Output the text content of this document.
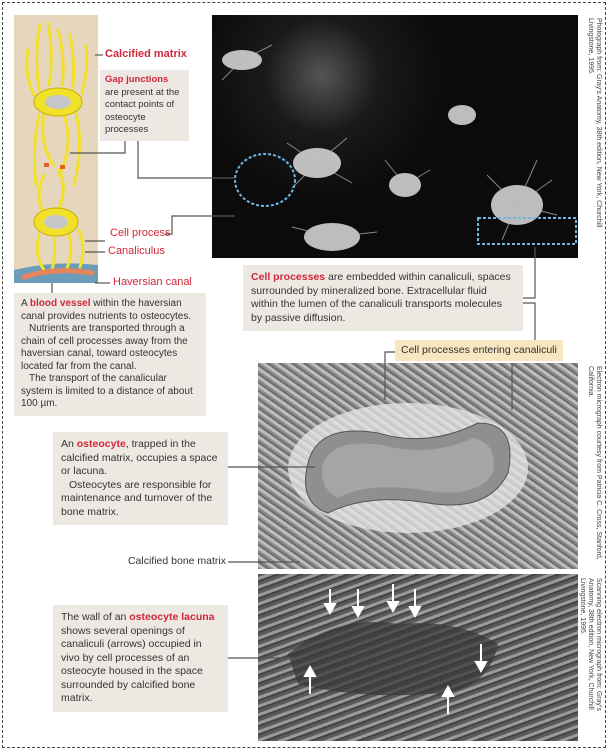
Calcified matrix
Gap junctions are present at the contact points of osteocyte processes
Cell process
Canaliculus
Haversian canal
A blood vessel within the haversian canal provides nutrients to osteocytes.
Nutrients are transported through a chain of cell processes away from the haversian canal, toward osteocytes located far from the canal.
The transport of the canalicular system is limited to a distance of about 100 µm.
Cell processes are embedded within canaliculi, spaces surrounded by mineralized bone. Extracellular fluid within the lumen of the canaliculi transports molecules by passive diffusion.
Cell processes entering canaliculi
An osteocyte, trapped in the calcified matrix, occupies a space or lacuna.
Osteocytes are responsible for maintenance and turnover of the bone matrix.
Calcified bone matrix
The wall of an osteocyte lacuna shows several openings of canaliculi (arrows) occupied in vivo by cell processes of an osteocyte housed in the space surrounded by calcified bone matrix.
Photograph from: Gray's Anatomy, 38th edition, New York, Churchill Livingstone, 1995.
Electron micrograph courtesy from Patricia C. Cross, Stanford, California.
Scanning electron micrograph from: Gray's Anatomy, 38th edition, New York, Churchill Livingstone, 1995.
